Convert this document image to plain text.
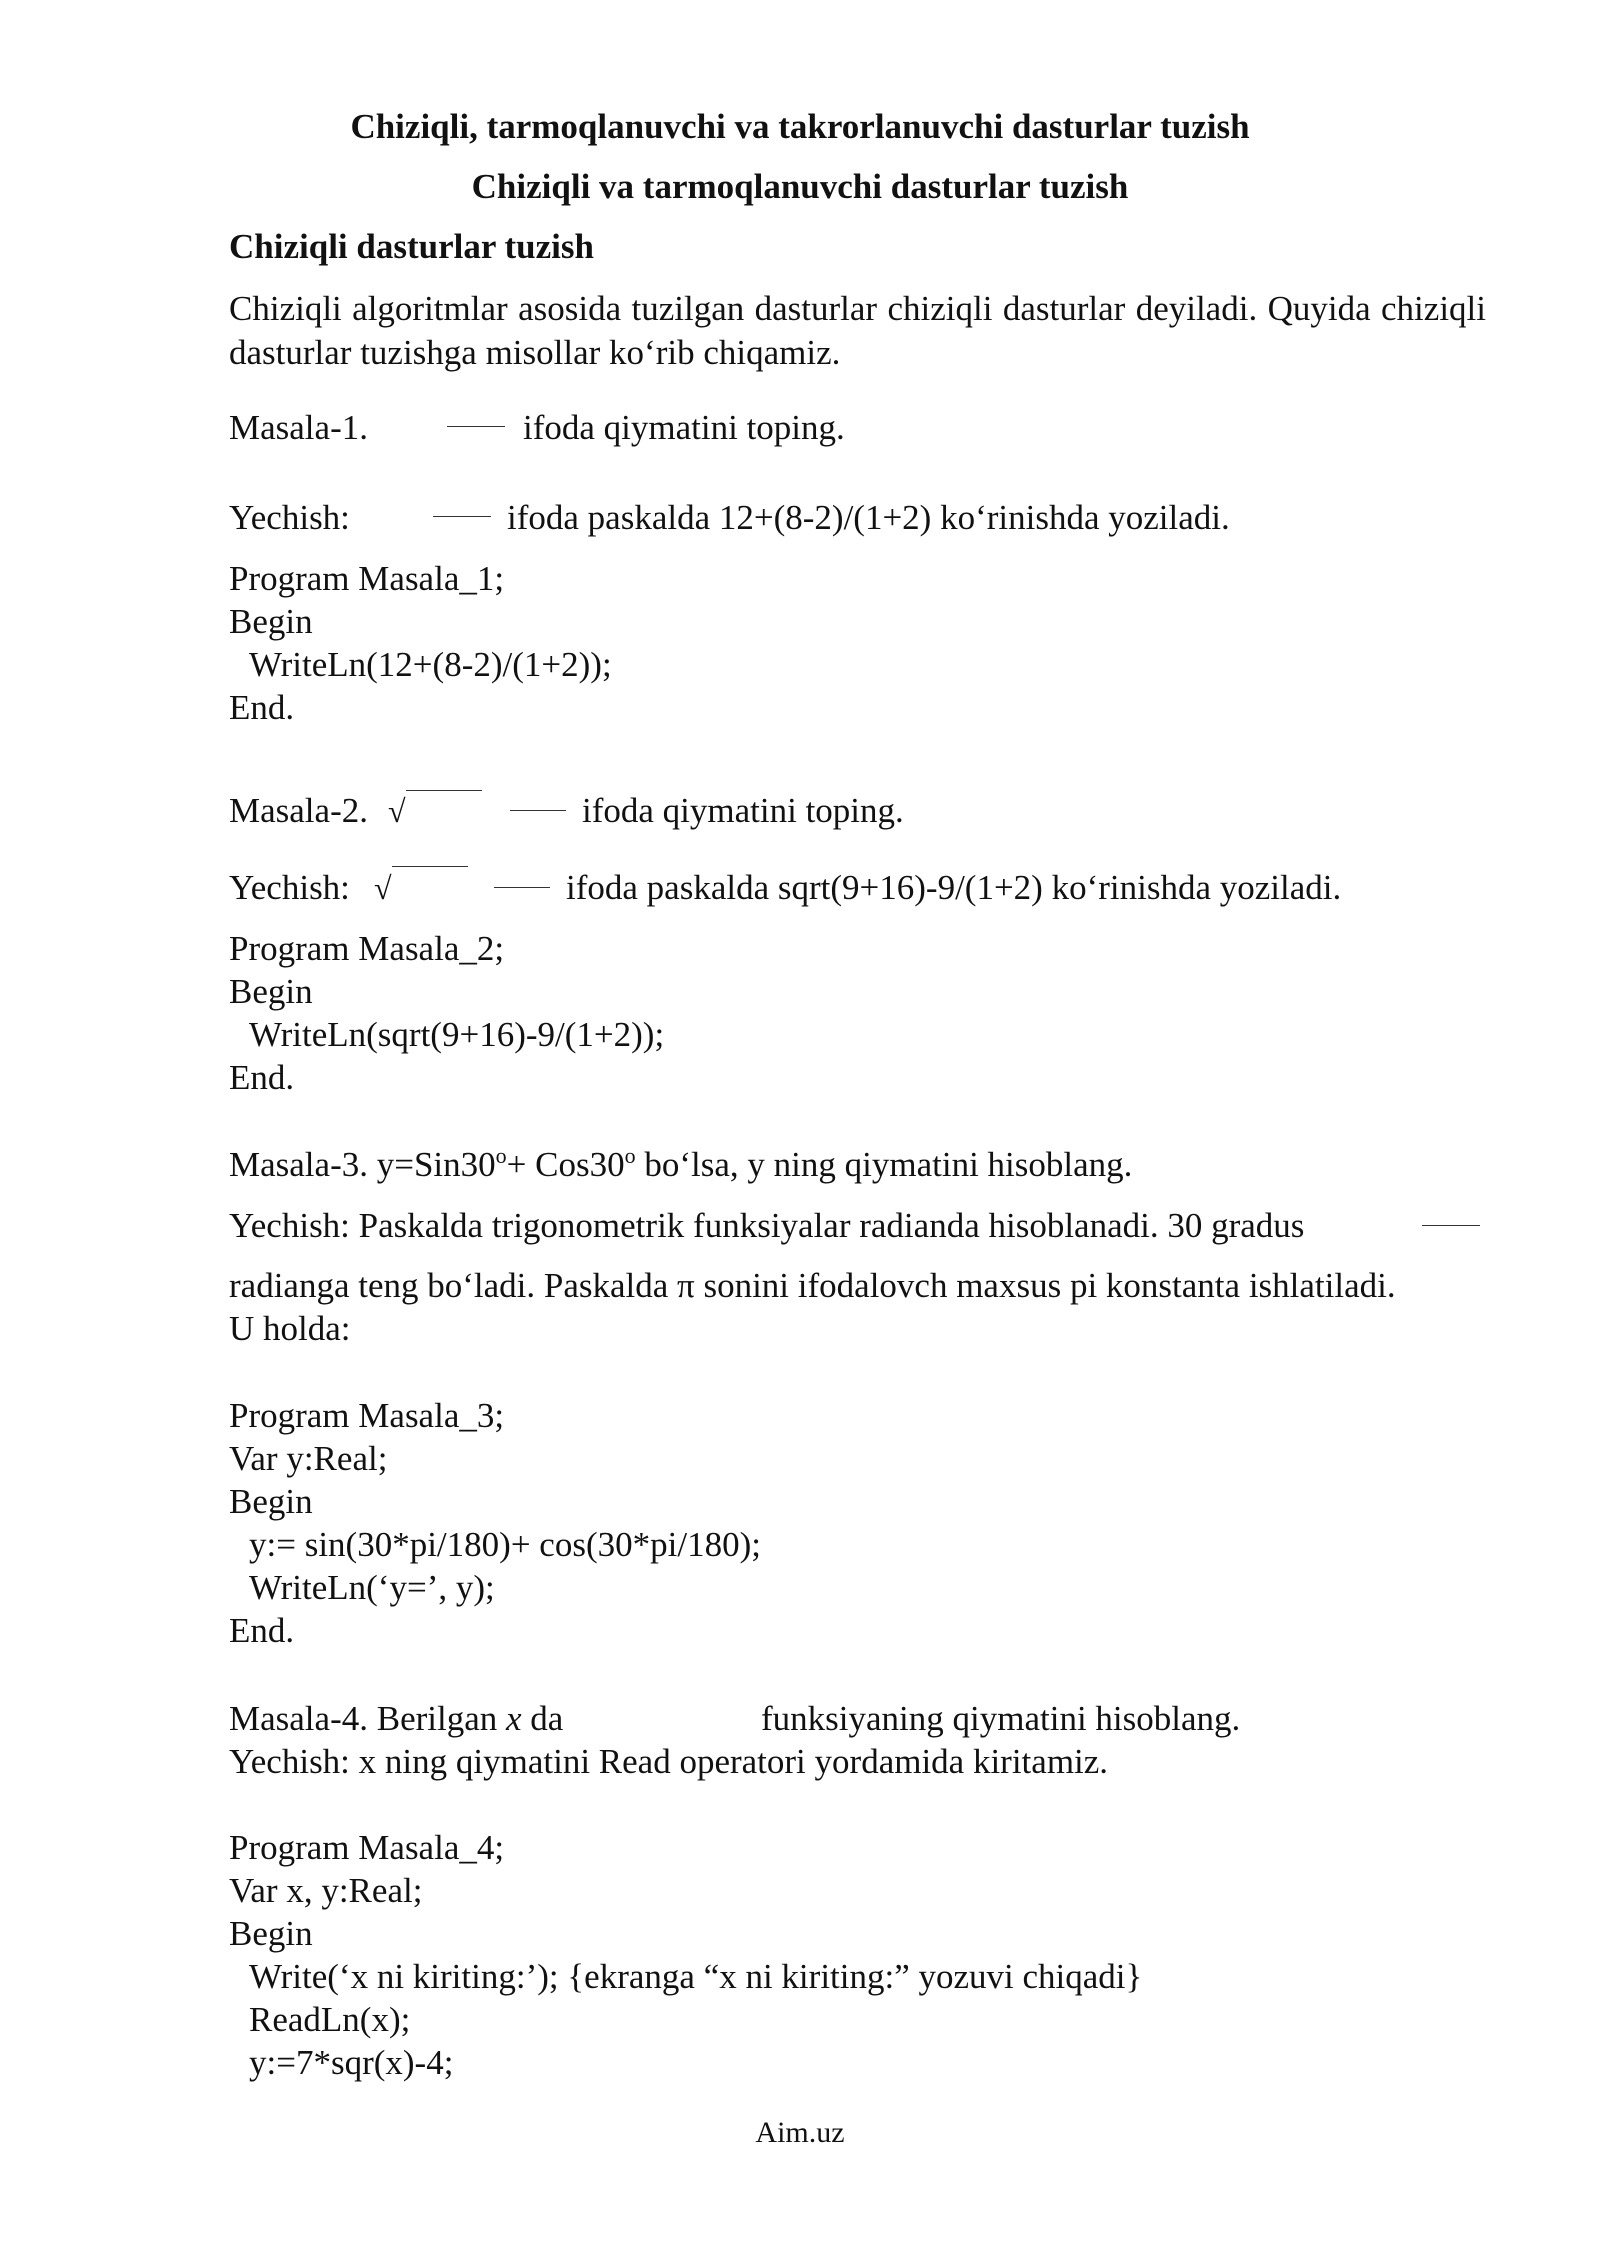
Chiziqli, tarmoqlanuvchi va takrorlanuvchi dasturlar tuzish
Chiziqli va tarmoqlanuvchi dasturlar tuzish
Chiziqli dasturlar tuzish
Chiziqli algoritmlar asosida tuzilgan dasturlar chiziqli dasturlar deyiladi. Quyida chiziqli dasturlar tuzishga misollar ko‘rib chiqamiz.
Masala-1.	ifoda qiymatini toping.
Yechish:	ifoda paskalda 12+(8-2)/(1+2) ko‘rinishda yoziladi.
Program Masala_1;
Begin
WriteLn(12+(8-2)/(1+2));
End.
Masala-2. √	ifoda qiymatini toping.
Yechish: √	ifoda paskalda sqrt(9+16)-9/(1+2) ko‘rinishda yoziladi.
Program Masala_2;
Begin
WriteLn(sqrt(9+16)-9/(1+2));
End.
Masala-3. $y=Sin30^o+ Cos30^o$ bo‘lsa, y ning qiymatini hisoblang.
Yechish: Paskalda trigonometrik funksiyalar radianda hisoblanadi. 30 gradus
radianga teng bo‘ladi. Paskalda π sonini ifodalovch maxsus pi konstanta ishlatiladi.
U holda:
Program Masala_3;
Var y:Real;
Begin
y:= sin(30*pi/180)+ cos(30*pi/180);
WriteLn(‘y=’, y);
End.
Masala-4. Berilgan x da	funksiyaning qiymatini hisoblang.
Yechish: x ning qiymatini Read operatori yordamida kiritamiz.
Program Masala_4;
Var x, y:Real;
Begin
Write(‘x ni kiriting:’); {ekranga “x ni kiriting:” yozuvi chiqadi}
ReadLn(x);
y:=7*sqr(x)-4;
Aim.uz
